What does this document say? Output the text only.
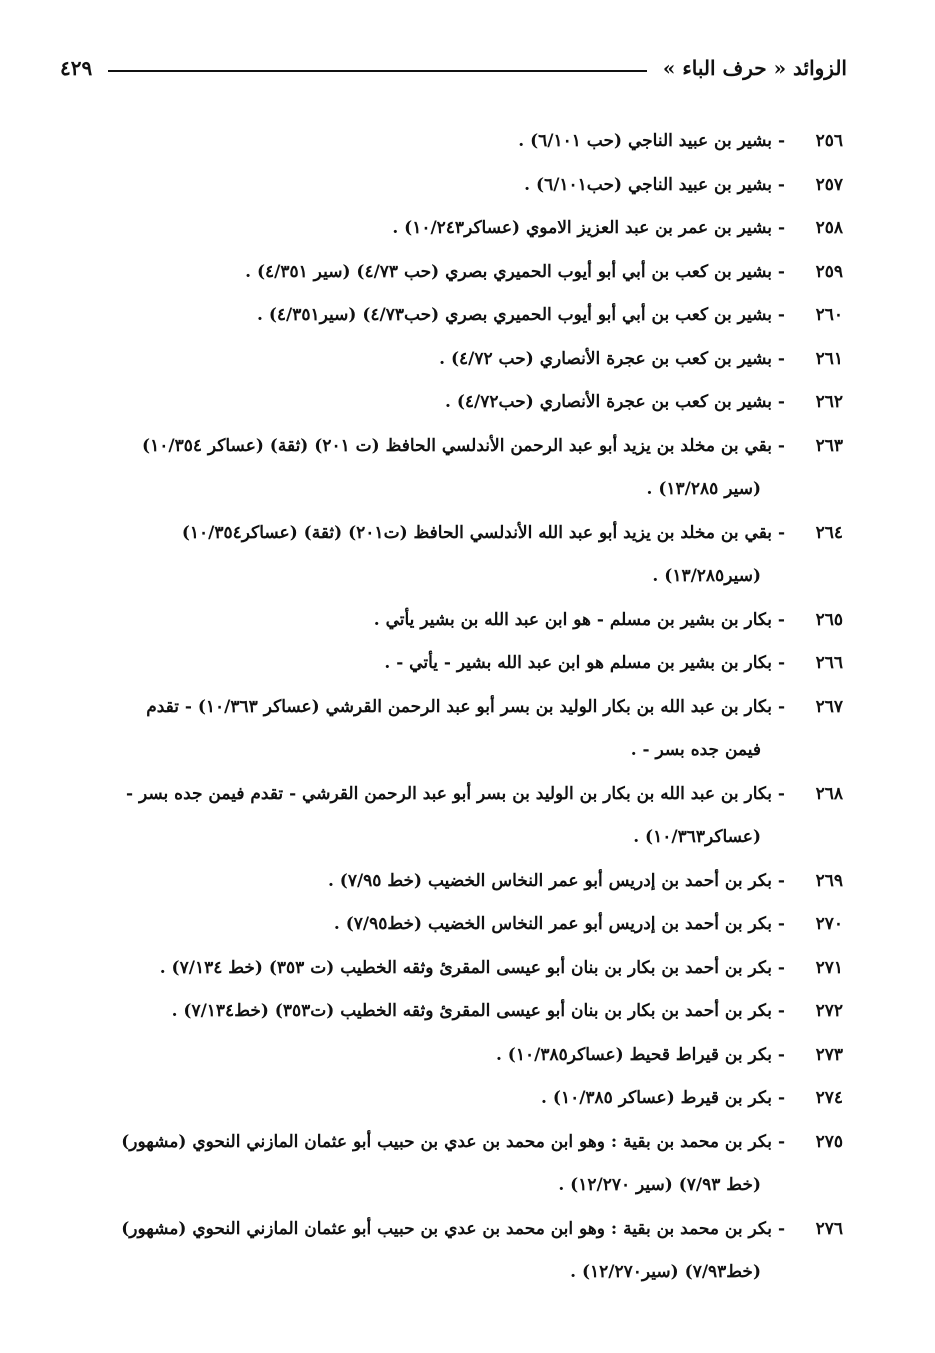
الزوائد « حرف الباء »
٤٢٩
٢٥٦
- بشير بن عبيد الناجي (حب ٦/١٠١) .
٢٥٧
- بشير بن عبيد الناجي (حب٦/١٠١) .
٢٥٨
- بشير بن عمر بن عبد العزيز الاموي (عساكر١٠/٢٤٣) .
٢٥٩
- بشير بن كعب بن أبي أبو أيوب الحميري بصري (حب ٤/٧٣) (سير ٤/٣٥١) .
٢٦٠
- بشير بن كعب بن أبي أبو أيوب الحميري بصري (حب٤/٧٣) (سير٤/٣٥١) .
٢٦١
- بشير بن كعب بن عجرة الأنصاري (حب ٤/٧٢) .
٢٦٢
- بشير بن كعب بن عجرة الأنصاري (حب٤/٧٢) .
٢٦٣
- بقي بن مخلد بن يزيد أبو عبد الرحمن الأندلسي الحافظ (ت ٢٠١) (ثقة) (عساكر ١٠/٣٥٤)
(سير ١٣/٢٨٥) .
٢٦٤
- بقي بن مخلد بن يزيد أبو عبد الله الأندلسي الحافظ (ت٢٠١) (ثقة) (عساكر١٠/٣٥٤)
(سير١٣/٢٨٥) .
٢٦٥
- بكار بن بشير بن مسلم - هو ابن عبد الله بن بشير يأتي .
٢٦٦
- بكار بن بشير بن مسلم هو ابن عبد الله بشير - يأتي - .
٢٦٧
- بكار بن عبد الله بن بكار الوليد بن بسر أبو عبد الرحمن القرشي (عساكر ١٠/٣٦٣) - تقدم
فيمن جده بسر - .
٢٦٨
- بكار بن عبد الله بن بكار بن الوليد بن بسر أبو عبد الرحمن القرشي - تقدم فيمن جده بسر -
(عساكر١٠/٣٦٣) .
٢٦٩
- بكر بن أحمد بن إدريس أبو عمر النخاس الخضيب (خط ٧/٩٥) .
٢٧٠
- بكر بن أحمد بن إدريس أبو عمر النخاس الخضيب (خط٧/٩٥) .
٢٧١
- بكر بن أحمد بن بكار بن بنان أبو عيسى المقرئ وثقه الخطيب (ت ٣٥٣) (خط ٧/١٣٤) .
٢٧٢
- بكر بن أحمد بن بكار بن بنان أبو عيسى المقرئ وثقه الخطيب (ت٣٥٣) (خط٧/١٣٤) .
٢٧٣
- بكر بن قيراط قحيط (عساكر١٠/٣٨٥) .
٢٧٤
- بكر بن قيرط (عساكر ١٠/٣٨٥) .
٢٧٥
- بكر بن محمد بن بقية : وهو ابن محمد بن عدي بن حبيب أبو عثمان المازني النحوي (مشهور)
(خط ٧/٩٣) (سير ١٢/٢٧٠) .
٢٧٦
- بكر بن محمد بن بقية : وهو ابن محمد بن عدي بن حبيب أبو عثمان المازني النحوي (مشهور)
(خط٧/٩٣) (سير١٢/٢٧٠) .
